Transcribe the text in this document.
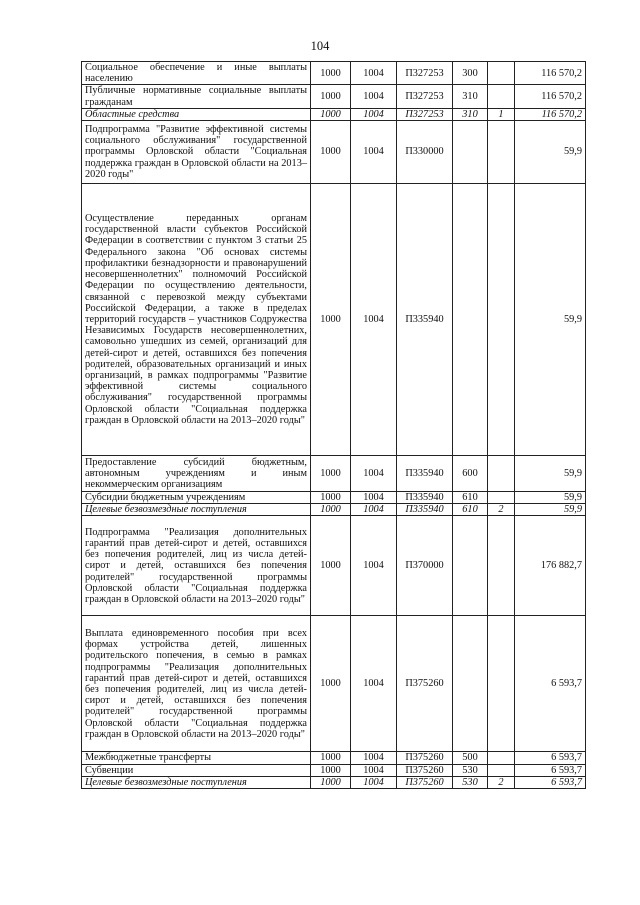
104
Социальное обеспечение и иные выплаты населению	1000	1004	П327253	300		116 570,2
Публичные нормативные социальные выплаты гражданам	1000	1004	П327253	310		116 570,2
Областные средства	1000	1004	П327253	310	1	116 570,2
Подпрограмма "Развитие эффективной системы социального обслуживания" государственной программы Орловской области "Социальная поддержка граждан в Орловской области на 2013–2020 годы"	1000	1004	П330000			59,9
Осуществление переданных органам государственной власти субъектов Российской Федерации в соответствии с пунктом 3 статьи 25 Федерального закона "Об основах системы профилактики безнадзорности и правонарушений несовершеннолетних" полномочий Российской Федерации по осуществлению деятельности, связанной с перевозкой между субъектами Российской Федерации, а также в пределах территорий государств – участников Содружества Независимых Государств несовершеннолетних, самовольно ушедших из семей, организаций для детей-сирот и детей, оставшихся без попечения родителей, образовательных организаций и иных организаций, в рамках подпрограммы "Развитие эффективной системы социального обслуживания" государственной программы Орловской области "Социальная поддержка граждан в Орловской области на 2013–2020 годы"	1000	1004	П335940			59,9
Предоставление субсидий бюджетным, автономным учреждениям и иным некоммерческим организациям	1000	1004	П335940	600		59,9
Субсидии бюджетным учреждениям	1000	1004	П335940	610		59,9
Целевые безвозмездные поступления	1000	1004	П335940	610	2	59,9
Подпрограмма "Реализация дополнительных гарантий прав детей-сирот и детей, оставшихся без попечения родителей, лиц из числа детей-сирот и детей, оставшихся без попечения родителей" государственной программы Орловской области "Социальная поддержка граждан в Орловской области на 2013–2020 годы"	1000	1004	П370000			176 882,7
Выплата единовременного пособия при всех формах устройства детей, лишенных родительского попечения, в семью в рамках подпрограммы "Реализация дополнительных гарантий прав детей-сирот и детей, оставшихся без попечения родителей, лиц из числа детей-сирот и детей, оставшихся без попечения родителей" государственной программы Орловской области "Социальная поддержка граждан в Орловской области на 2013–2020 годы"	1000	1004	П375260			6 593,7
Межбюджетные трансферты	1000	1004	П375260	500		6 593,7
Субвенции	1000	1004	П375260	530		6 593,7
Целевые безвозмездные поступления	1000	1004	П375260	530	2	6 593,7
